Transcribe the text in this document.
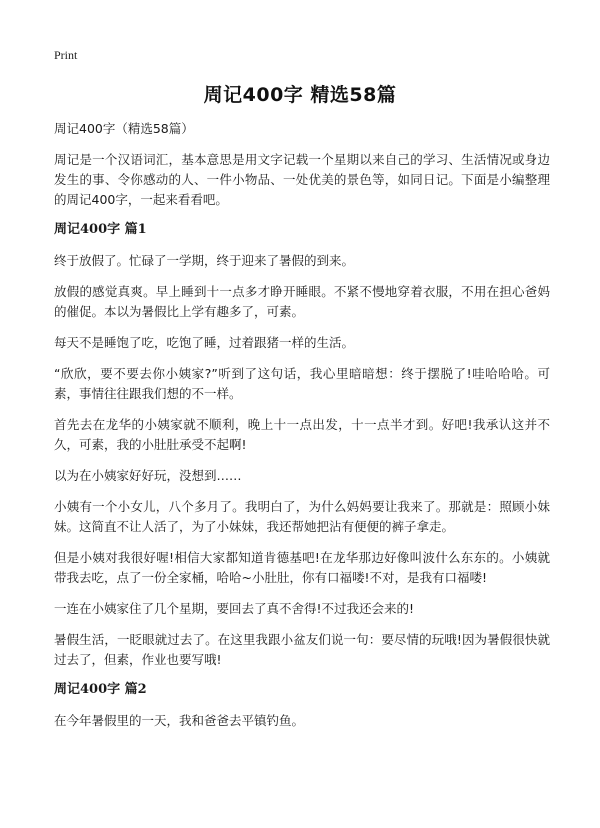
Print
周记400字 精选58篇
周记400字（精选58篇）

周记是一个汉语词汇，基本意思是用文字记载一个星期以来自己的学习、生活情况或身边发生的事、令你感动的人、一件小物品、一处优美的景色等，如同日记。下面是小编整理的周记400字，一起来看看吧。

周记400字 篇1

终于放假了。忙碌了一学期，终于迎来了暑假的到来。

放假的感觉真爽。早上睡到十一点多才睁开睡眼。不紧不慢地穿着衣服，不用在担心爸妈的催促。本以为暑假比上学有趣多了，可素。

每天不是睡饱了吃，吃饱了睡，过着跟猪一样的生活。

“欣欣，要不要去你小姨家?”听到了这句话，我心里暗暗想：终于摆脱了!哇哈哈哈。可素，事情往往跟我们想的不一样。

首先去在龙华的小姨家就不顺利，晚上十一点出发，十一点半才到。好吧!我承认这并不久，可素，我的小肚肚承受不起啊!

以为在小姨家好好玩，没想到……

小姨有一个小女儿，八个多月了。我明白了，为什么妈妈要让我来了。那就是：照顾小妹妹。这简直不让人活了，为了小妹妹，我还帮她把沾有便便的裤子拿走。

但是小姨对我很好喔!相信大家都知道肯德基吧!在龙华那边好像叫波什么东东的。小姨就带我去吃，点了一份全家桶，哈哈~小肚肚，你有口福喽!不对，是我有口福喽!

一连在小姨家住了几个星期，要回去了真不舍得!不过我还会来的!

暑假生活，一眨眼就过去了。在这里我跟小盆友们说一句：要尽情的玩哦!因为暑假很快就过去了，但素，作业也要写哦!

周记400字 篇2

在今年暑假里的一天，我和爸爸去平镇钓鱼。
